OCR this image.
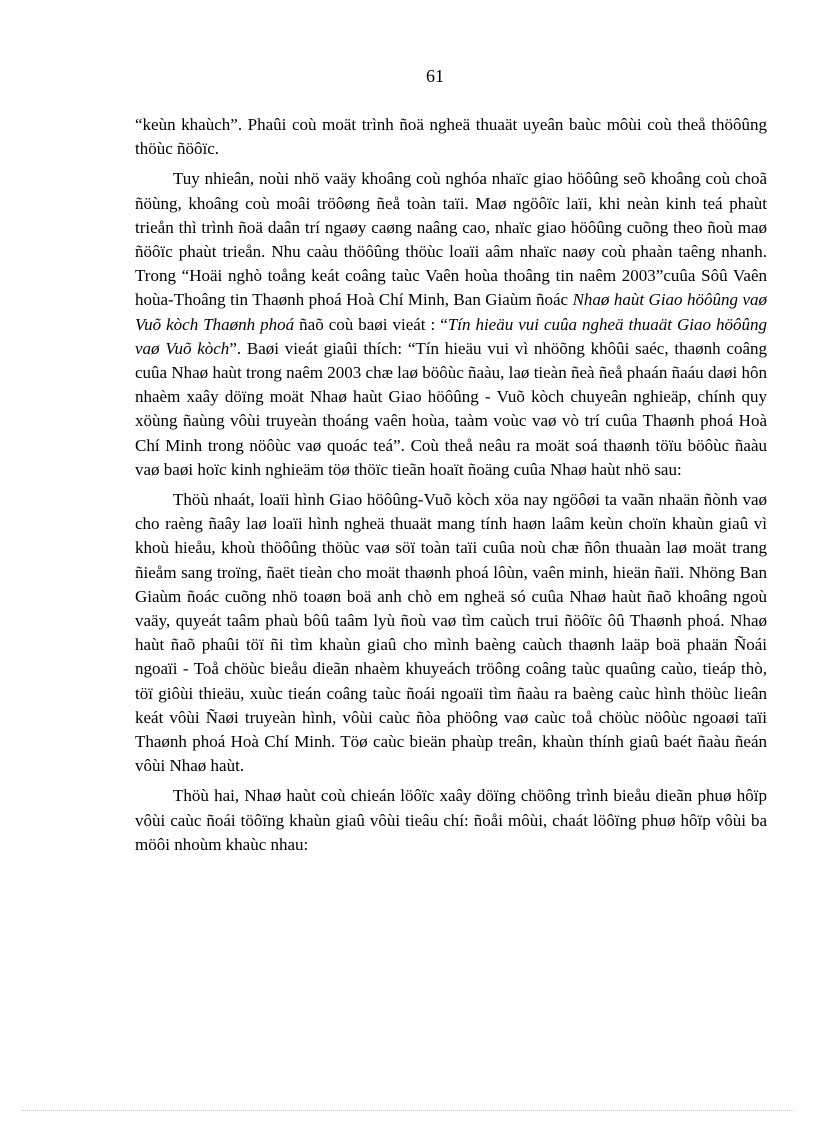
61

“keùn khaùch”. Phaûi coù moät trình ñoä ngheä thuaät uyeân baùc môùi coù theå thöôûng thöùc ñöôïc.

Tuy nhieân, noùi nhö vaäy khoâng coù nghóa nhaïc giao höôûng seõ khoâng coù choã ñöùng, khoâng coù moâi tröôøng ñeå toàn taïi. Maø ngöôïc laïi, khi neàn kinh teá phaùt trieån thì trình ñoä daân trí ngaøy caøng naâng cao, nhaïc giao höôûng cuõng theo ñoù maø ñöôïc phaùt trieån. Nhu caàu thöôûng thöùc loaïi aâm nhaïc naøy coù phaàn taêng nhanh. Trong “Hoäi nghò toång keát coâng taùc Vaên hoùa thoâng tin naêm 2003”cuûa Sôû Vaên hoùa-Thoâng tin Thaønh phoá Hoà Chí Minh, Ban Giaùm ñoác Nhaø haùt Giao höôûng vaø Vuõ kòch Thaønh phoá ñaõ coù baøi vieát : “Tín hieäu vui cuûa ngheä thuaät Giao höôûng vaø Vuõ kòch”. Baøi vieát giaûi thích: “Tín hieäu vui vì nhöõng khôûi saéc, thaønh coâng cuûa Nhaø haùt trong naêm 2003 chæ laø böôùc ñaàu, laø tieàn ñeà ñeå phaán ñaáu daøi hôn nhaèm xaây döïng moät Nhaø haùt Giao höôûng - Vuõ kòch chuyeân nghieäp, chính quy xöùng ñaùng vôùi truyeàn thoáng vaên hoùa, taàm voùc vaø vò trí cuûa Thaønh phoá Hoà Chí Minh trong nöôùc vaø quoác teá”. Coù theå neâu ra moät soá thaønh töïu böôùc ñaàu vaø baøi hoïc kinh nghieäm töø thöïc tieãn hoaït ñoäng cuûa Nhaø haùt nhö sau:

Thöù nhaát, loaïi hình Giao höôûng-Vuõ kòch xöa nay ngöôøi ta vaãn nhaän ñònh vaø cho raèng ñaây laø loaïi hình ngheä thuaät mang tính haøn laâm keùn choïn khaùn giaû vì khoù hieåu, khoù thöôûng thöùc vaø söï toàn taïi cuûa noù chæ ñôn thuaàn laø moät trang ñieåm sang troïng, ñaët tieàn cho moät thaønh phoá lôùn, vaên minh, hieän ñaïi. Nhöng Ban Giaùm ñoác cuõng nhö toaøn boä anh chò em ngheä só cuûa Nhaø haùt ñaõ khoâng ngoù vaäy, quyeát taâm phaù bôû taâm lyù ñoù vaø tìm caùch trui ñöôïc ôû Thaønh phoá. Nhaø haùt ñaõ phaûi töï ñi tìm khaùn giaû cho mình baèng caùch thaønh laäp boä phaän Ñoái ngoaïi - Toå chöùc bieåu dieãn nhaèm khuyeách tröông coâng taùc quaûng caùo, tieáp thò, töï giôùi thieäu, xuùc tieán coâng taùc ñoái ngoaïi tìm ñaàu ra baèng caùc hình thöùc lieân keát vôùi Ñaøi truyeàn hình, vôùi caùc ñòa phöông vaø caùc toå chöùc nöôùc ngoaøi taïi Thaønh phoá Hoà Chí Minh. Töø caùc bieän phaùp treân, khaùn thính giaû baét ñaàu ñeán vôùi Nhaø haùt.

Thöù hai, Nhaø haùt coù chieán löôïc xaây döïng chöông trình bieåu dieãn phuø hôïp vôùi caùc ñoái töôïng khaùn giaû vôùi tieâu chí: ñoåi môùi, chaát löôïng phuø hôïp vôùi ba möôi nhoùm khaùc nhau:
